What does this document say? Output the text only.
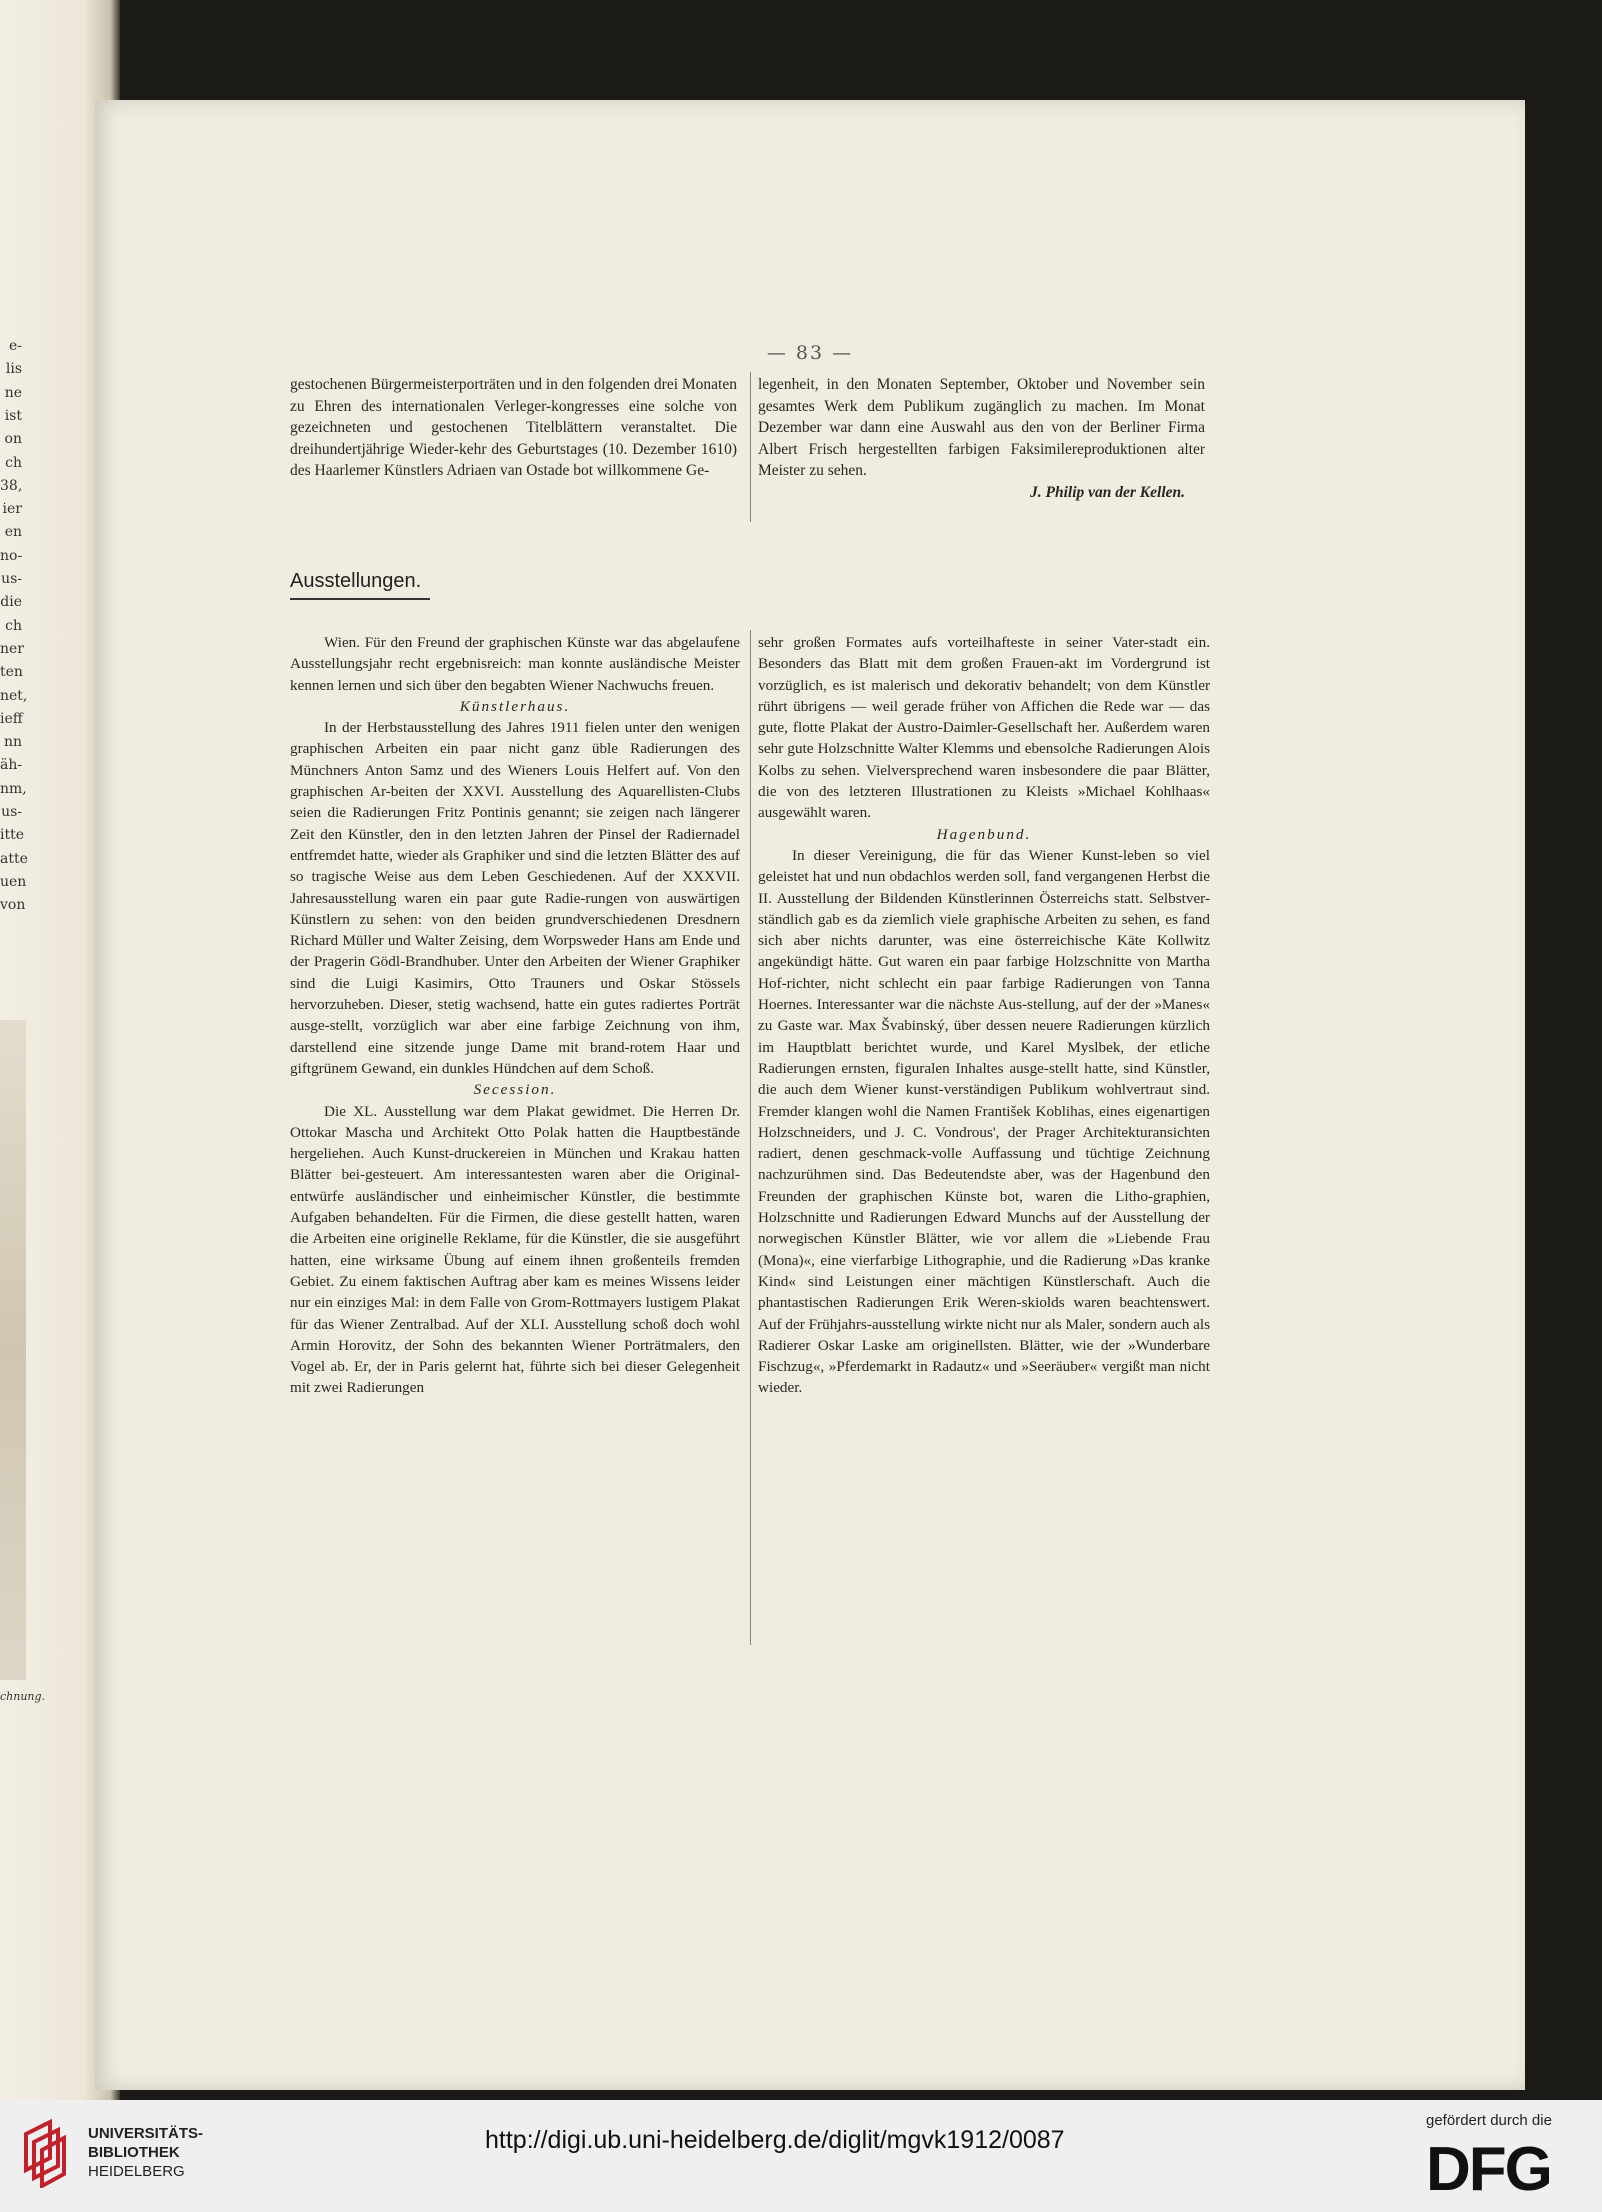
e-
lis
ne
ist
on
ch
38,
ier
en
no-
us-
die
ch
ner
ten
net,
ieff
nn
äh-
nm,
us-
itte
atte
uen
von
chnung.
— 83 —
Ausstellungen.

Wien. Für den Freund der graphischen Künste war das abgelaufene Ausstellungsjahr recht ergebnisreich: man konnte ausländische Meister kennen lernen und sich über den begabten Wiener Nachwuchs freuen.

Künstlerhaus.

In der Herbstausstellung des Jahres 1911 fielen unter den wenigen graphischen Arbeiten ein paar nicht ganz üble Radierungen des Münchners Anton Samz und des Wieners Louis Helfert auf. Von den graphischen Ar-beiten der XXVI. Ausstellung des Aquarellisten-Clubs seien die Radierungen Fritz Pontinis genannt; sie zeigen nach längerer Zeit den Künstler, den in den letzten Jahren der Pinsel der Radiernadel entfremdet hatte, wieder als Graphiker und sind die letzten Blätter des auf so tragische Weise aus dem Leben Geschiedenen. Auf der XXXVII. Jahresausstellung waren ein paar gute Radie-rungen von auswärtigen Künstlern zu sehen: von den beiden grundverschiedenen Dresdnern Richard Müller und Walter Zeising, dem Worpsweder Hans am Ende und der Pragerin Gödl-Brandhuber. Unter den Arbeiten der Wiener Graphiker sind die Luigi Kasimirs, Otto Trauners und Oskar Stössels hervorzuheben. Dieser, stetig wachsend, hatte ein gutes radiertes Porträt ausge-stellt, vorzüglich war aber eine farbige Zeichnung von ihm, darstellend eine sitzende junge Dame mit brand-rotem Haar und giftgrünem Gewand, ein dunkles Hündchen auf dem Schoß.

Secession.

Die XL. Ausstellung war dem Plakat gewidmet. Die Herren Dr. Ottokar Mascha und Architekt Otto Polak hatten die Hauptbestände hergeliehen. Auch Kunst-druckereien in München und Krakau hatten Blätter bei-gesteuert. Am interessantesten waren aber die Original-entwürfe ausländischer und einheimischer Künstler, die bestimmte Aufgaben behandelten. Für die Firmen, die diese gestellt hatten, waren die Arbeiten eine originelle Reklame, für die Künstler, die sie ausgeführt hatten, eine wirksame Übung auf einem ihnen großenteils fremden Gebiet. Zu einem faktischen Auftrag aber kam es meines Wissens leider nur ein einziges Mal: in dem Falle von Grom-Rottmayers lustigem Plakat für das Wiener Zentralbad. Auf der XLI. Ausstellung schoß doch wohl Armin Horovitz, der Sohn des bekannten Wiener Porträtmalers, den Vogel ab. Er, der in Paris gelernt hat, führte sich bei dieser Gelegenheit mit zwei Radierungen

sehr großen Formates aufs vorteilhafteste in seiner Vater-stadt ein. Besonders das Blatt mit dem großen Frauen-akt im Vordergrund ist vorzüglich, es ist malerisch und dekorativ behandelt; von dem Künstler rührt übrigens — weil gerade früher von Affichen die Rede war — das gute, flotte Plakat der Austro-Daimler-Gesellschaft her. Außerdem waren sehr gute Holzschnitte Walter Klemms und ebensolche Radierungen Alois Kolbs zu sehen. Vielversprechend waren insbesondere die paar Blätter, die von des letzteren Illustrationen zu Kleists »Michael Kohlhaas« ausgewählt waren.

Hagenbund.

In dieser Vereinigung, die für das Wiener Kunst-leben so viel geleistet hat und nun obdachlos werden soll, fand vergangenen Herbst die II. Ausstellung der Bildenden Künstlerinnen Österreichs statt. Selbstver-ständlich gab es da ziemlich viele graphische Arbeiten zu sehen, es fand sich aber nichts darunter, was eine österreichische Käte Kollwitz angekündigt hätte. Gut waren ein paar farbige Holzschnitte von Martha Hof-richter, nicht schlecht ein paar farbige Radierungen von Tanna Hoernes. Interessanter war die nächste Aus-stellung, auf der der »Manes« zu Gaste war. Max Švabinský, über dessen neuere Radierungen kürzlich im Hauptblatt berichtet wurde, und Karel Myslbek, der etliche Radierungen ernsten, figuralen Inhaltes ausge-stellt hatte, sind Künstler, die auch dem Wiener kunst-verständigen Publikum wohlvertraut sind. Fremder klangen wohl die Namen František Koblihas, eines eigenartigen Holzschneiders, und J. C. Vondrous', der Prager Architekturansichten radiert, denen geschmack-volle Auffassung und tüchtige Zeichnung nachzurühmen sind. Das Bedeutendste aber, was der Hagenbund den Freunden der graphischen Künste bot, waren die Litho-graphien, Holzschnitte und Radierungen Edward Munchs auf der Ausstellung der norwegischen Künstler Blätter, wie vor allem die »Liebende Frau (Mona)«, eine vierfarbige Lithographie, und die Radierung »Das kranke Kind« sind Leistungen einer mächtigen Künstlerschaft. Auch die phantastischen Radierungen Erik Weren-skiolds waren beachtenswert. Auf der Frühjahrs-ausstellung wirkte nicht nur als Maler, sondern auch als Radierer Oskar Laske am originellsten. Blätter, wie der »Wunderbare Fischzug«, »Pferdemarkt in Radautz« und »Seeräuber« vergißt man nicht wieder.

UNIVERSITÄTS-
BIBLIOTHEK
HEIDELBERG
http://digi.ub.uni-heidelberg.de/diglit/mgvk1912/0087
gefördert durch die
DFG

gestochenen Bürgermeisterporträten und in den folgenden drei Monaten zu Ehren des internationalen Verleger-kongresses eine solche von gezeichneten und gestochenen Titelblättern veranstaltet. Die dreihundertjährige Wieder-kehr des Geburtstages (10. Dezember 1610) des Haarlemer Künstlers Adriaen van Ostade bot willkommene Ge-

legenheit, in den Monaten September, Oktober und November sein gesamtes Werk dem Publikum zugänglich zu machen. Im Monat Dezember war dann eine Auswahl aus den von der Berliner Firma Albert Frisch hergestellten farbigen Faksimilereproduktionen alter Meister zu sehen.

J. Philip van der Kellen.
